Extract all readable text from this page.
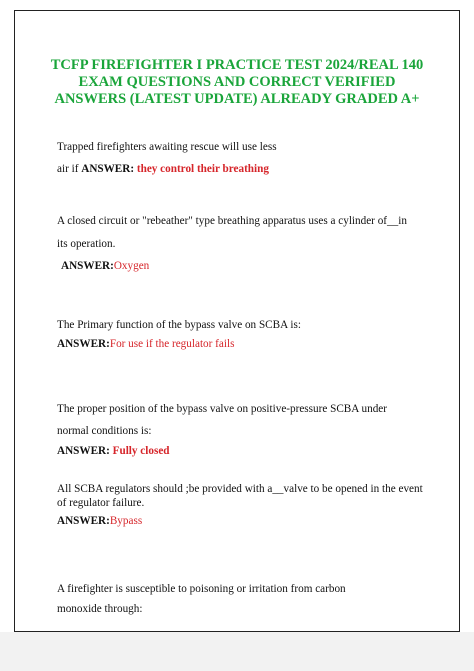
TCFP FIREFIGHTER I PRACTICE TEST 2024/REAL 140
EXAM QUESTIONS AND CORRECT VERIFIED
ANSWERS (LATEST UPDATE) ALREADY GRADED A+
Trapped firefighters awaiting rescue will use less
air if ANSWER: they control their breathing
A closed circuit or "rebeather" type breathing apparatus uses a cylinder of__in
its operation.
ANSWER:Oxygen
The Primary function of the bypass valve on SCBA is:
ANSWER:For use if the regulator fails
The proper position of the bypass valve on positive-pressure SCBA under
normal conditions is:
ANSWER: Fully closed
All SCBA regulators should ;be provided with a__valve to be opened in the event
of regulator failure.
ANSWER:Bypass
A firefighter is susceptible to poisoning or irritation from carbon
monoxide through:
